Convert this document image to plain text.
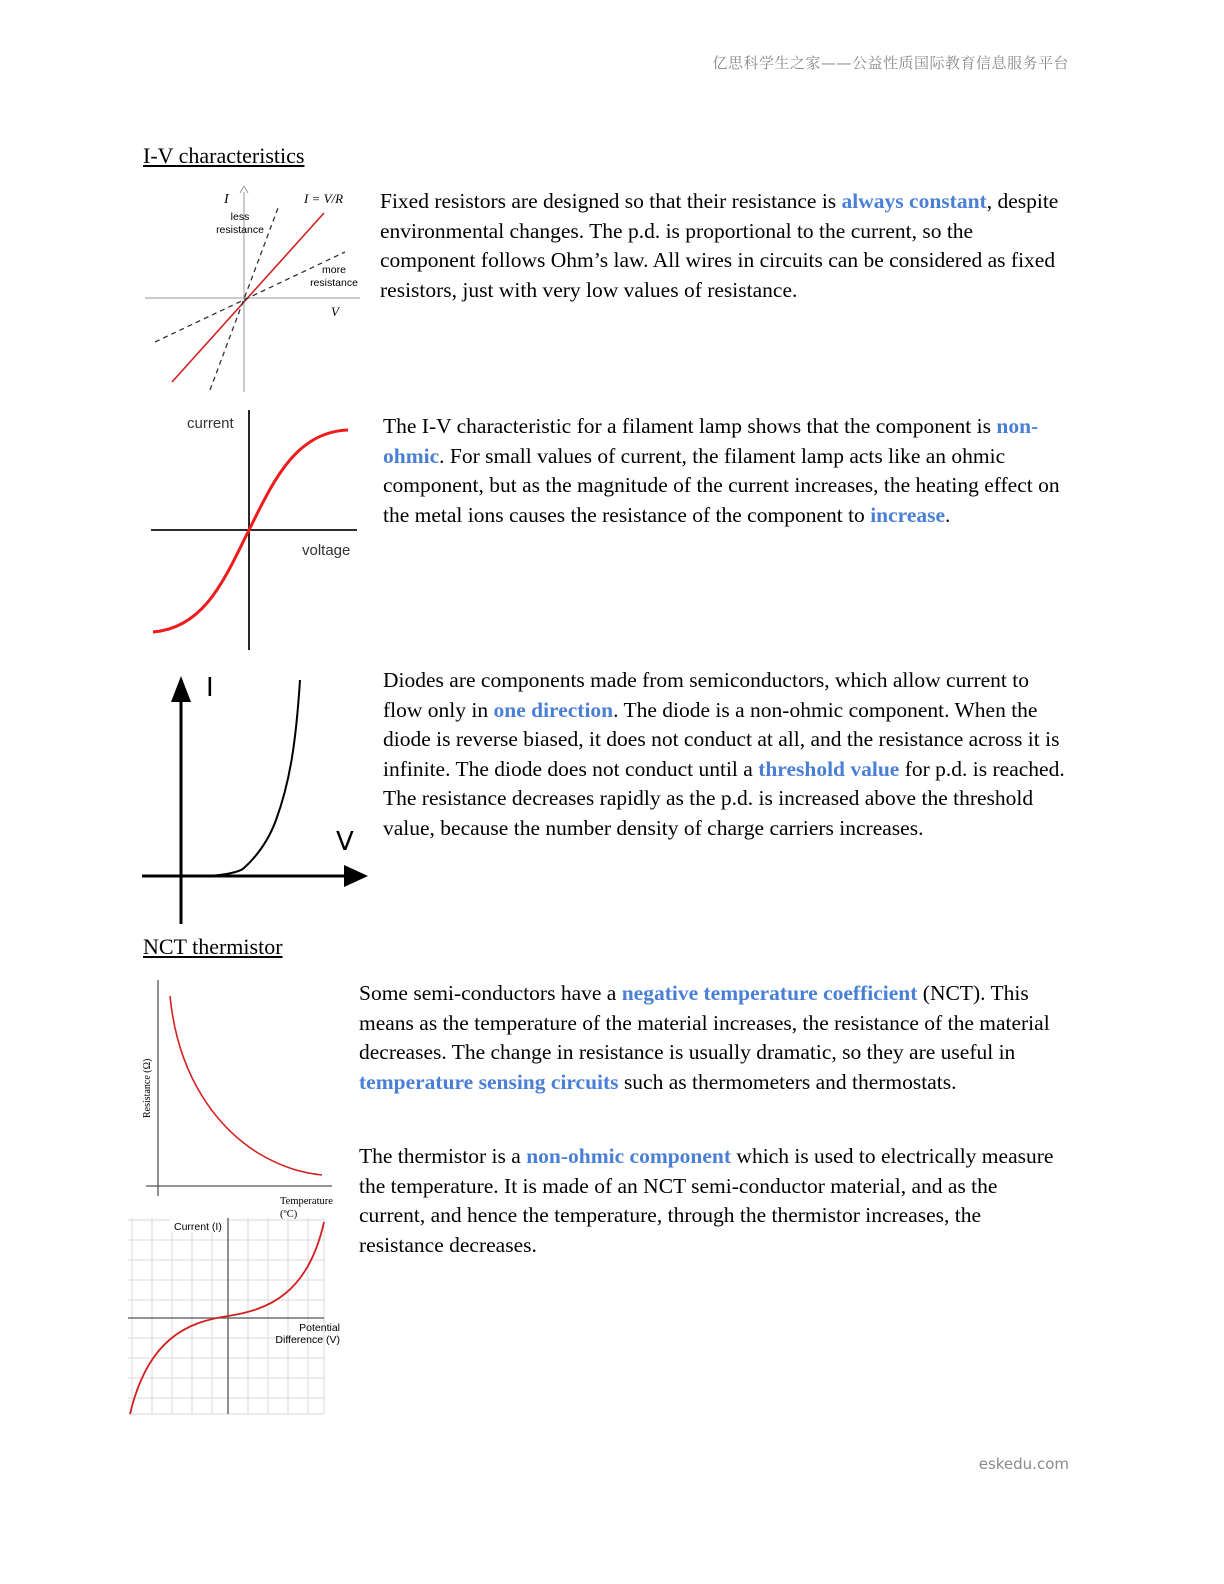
亿思科学生之家——公益性质国际教育信息服务平台
I-V characteristics
I	I = V/R
V
less resistance
more resistance
Fixed resistors are designed so that their resistance is always constant, despite environmental changes. The p.d. is proportional to the current, so the component follows Ohm’s law. All wires in circuits can be considered as fixed resistors, just with very low values of resistance.
current
voltage
The I-V characteristic for a filament lamp shows that the component is non-ohmic. For small values of current, the filament lamp acts like an ohmic component, but as the magnitude of the current increases, the heating effect on the metal ions causes the resistance of the component to increase.
I
V
Diodes are components made from semiconductors, which allow current to flow only in one direction. The diode is a non-ohmic component. When the diode is reverse biased, it does not conduct at all, and the resistance across it is infinite. The diode does not conduct until a threshold value for p.d. is reached. The resistance decreases rapidly as the p.d. is increased above the threshold value, because the number density of charge carriers increases.
NCT thermistor
Resistance (Ω)
Temperature
(ºC)
Current (I)
Potential
Difference (V)
Some semi-conductors have a negative temperature coefficient (NCT). This means as the temperature of the material increases, the resistance of the material decreases. The change in resistance is usually dramatic, so they are useful in temperature sensing circuits such as thermometers and thermostats.
The thermistor is a non-ohmic component which is used to electrically measure the temperature. It is made of an NCT semi-conductor material, and as the current, and hence the temperature, through the thermistor increases, the resistance decreases.
eskedu.com
